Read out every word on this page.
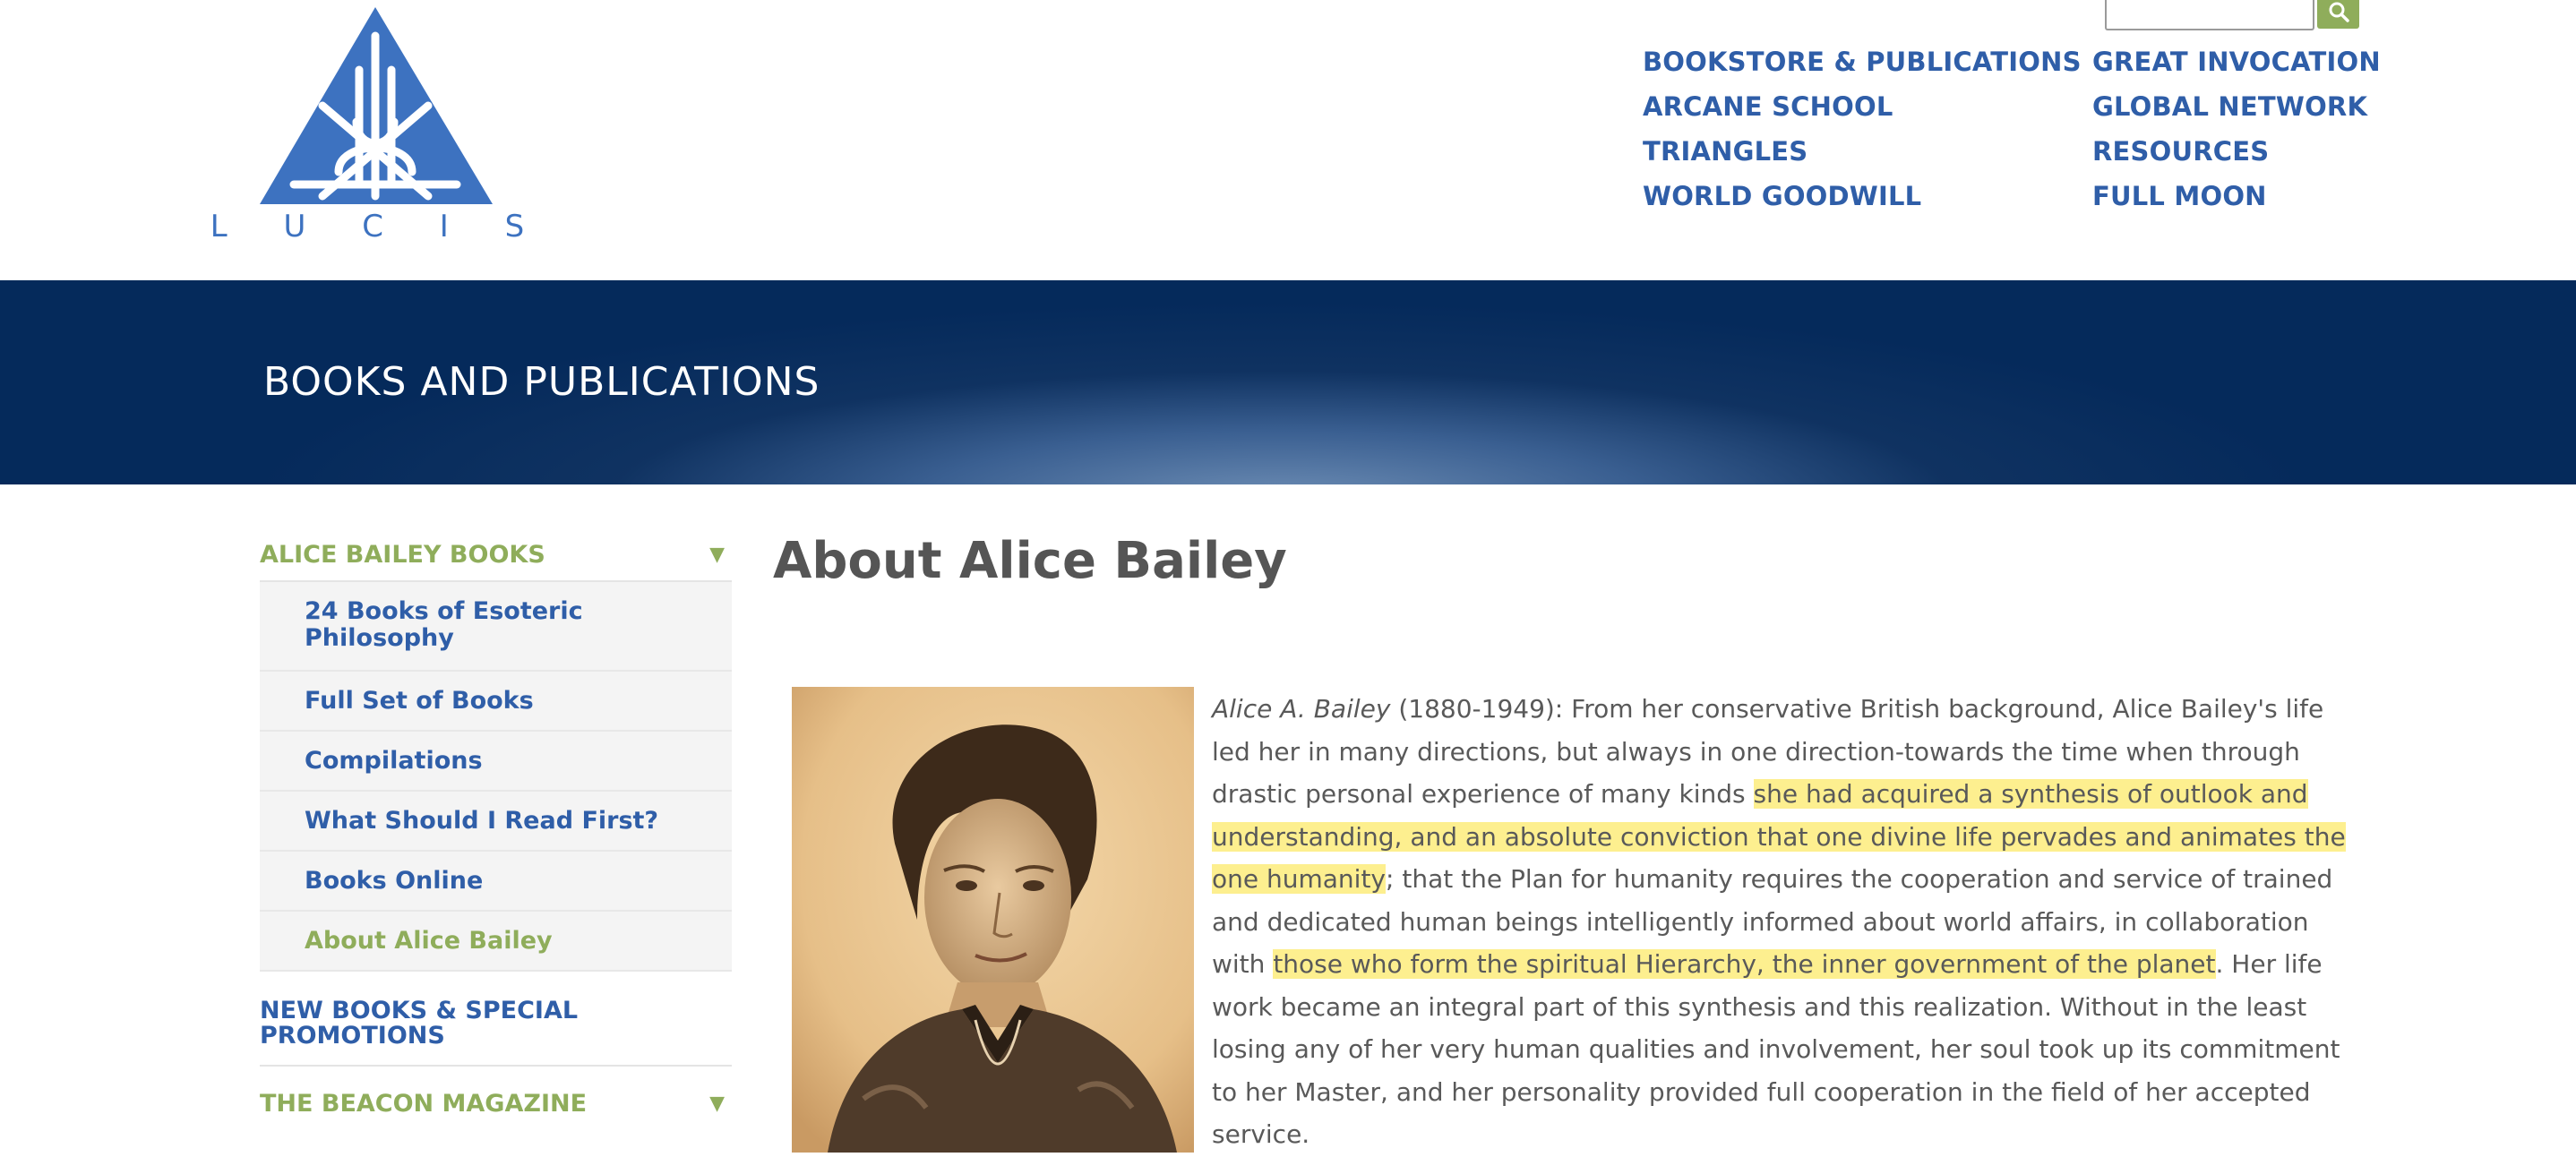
L U C I S
BOOKSTORE & PUBLICATIONS
ARCANE SCHOOL
TRIANGLES
WORLD GOODWILL
GREAT INVOCATION
GLOBAL NETWORK
RESOURCES
FULL MOON
BOOKS AND PUBLICATIONS
ALICE BAILEY BOOKS	▼
24 Books of Esoteric Philosophy
Full Set of Books
Compilations
What Should I Read First?
Books Online
About Alice Bailey
NEW BOOKS & SPECIAL PROMOTIONS
THE BEACON MAGAZINE	▼
About Alice Bailey

Alice A. Bailey (1880-1949): From her conservative British background, Alice Bailey's life led her in many directions, but always in one direction-towards the time when through drastic personal experience of many kinds she had acquired a synthesis of outlook and understanding, and an absolute conviction that one divine life pervades and animates the one humanity; that the Plan for humanity requires the cooperation and service of trained and dedicated human beings intelligently informed about world affairs, in collaboration with those who form the spiritual Hierarchy, the inner government of the planet. Her life work became an integral part of this synthesis and this realization. Without in the least losing any of her very human qualities and involvement, her soul took up its commitment to her Master, and her personality provided full cooperation in the field of her accepted service.
